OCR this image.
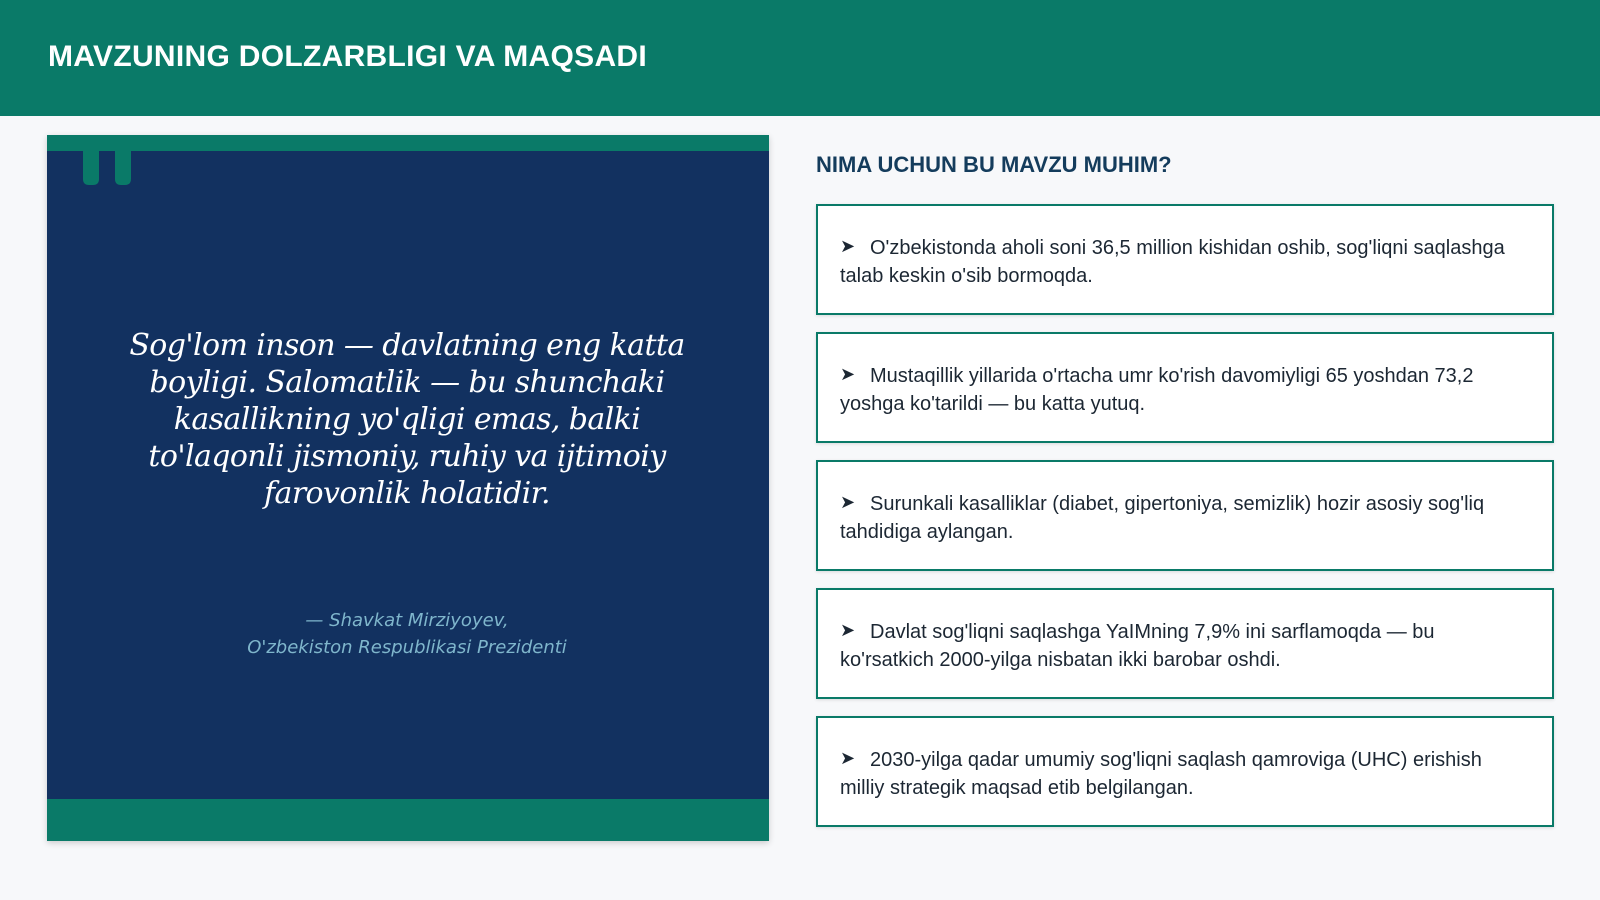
MAVZUNING DOLZARBLIGI VA MAQSADI
Sog'lom inson — davlatning eng katta boyligi. Salomatlik — bu shunchaki kasallikning yo'qligi emas, balki to'laqonli jismoniy, ruhiy va ijtimoiy farovonlik holatidir.
— Shavkat Mirziyoyev,
O'zbekiston Respublikasi Prezidenti
NIMA UCHUN BU MAVZU MUHIM?
➤ O'zbekistonda aholi soni 36,5 million kishidan oshib, sog'liqni saqlashga talab keskin o'sib bormoqda.
➤ Mustaqillik yillarida o'rtacha umr ko'rish davomiyligi 65 yoshdan 73,2 yoshga ko'tarildi — bu katta yutuq.
➤ Surunkali kasalliklar (diabet, gipertoniya, semizlik) hozir asosiy sog'liq tahdidiga aylangan.
➤ Davlat sog'liqni saqlashga YaIMning 7,9% ini sarflamoqda — bu ko'rsatkich 2000-yilga nisbatan ikki barobar oshdi.
➤ 2030-yilga qadar umumiy sog'liqni saqlash qamroviga (UHC) erishish milliy strategik maqsad etib belgilangan.
